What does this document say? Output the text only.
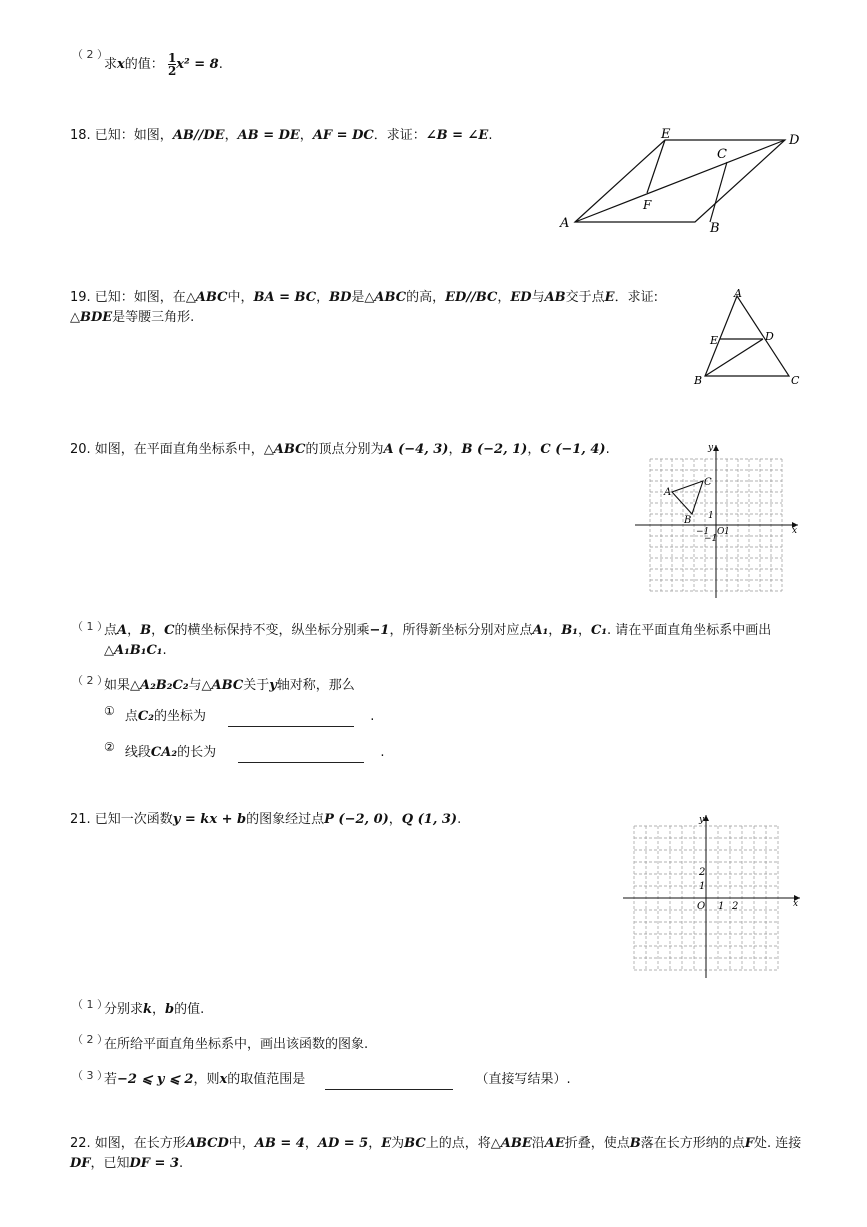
（ 2 ）
求x的值： $\frac{1}{2} x^2 = 8$.
18. 已知：如图，AB//DE，AB = DE，AF = DC．求证：∠B = ∠E.
A	B
C
D
E
F
19. 已知：如图，在△ABC中，BA = BC，BD是△ABC的高，ED//BC，ED与AB交于点E．求证:
△BDE是等腰三角形.
A
B	C
D
E
20. 如图，在平面直角坐标系中，△ABC的顶点分别为A (−4, 3)，B (−2, 1)，C (−1, 4).	y
x
A
B
C
1
−1 O 1
−1
（ 1 ）
点A，B，C的横坐标保持不变，纵坐标分别乘−1，所得新坐标分别对应点A₁，B₁，C₁. 请在平面直角坐标系中画出
△A₁B₁C₁.
（ 2 ）
如果△A₂B₂C₂与△ABC关于y轴对称，那么
① 点C₂的坐标为	.
② 线段CA₂的长为	.
21. 已知一次函数y = kx + b的图象经过点P (−2, 0)，Q (1, 3).	y
x
2
1
O 1 2
（ 1 ）
分别求k，b的值.
（ 2 ）
在所给平面直角坐标系中，画出该函数的图象.
（ 3 ）
若−2 ⩽ y ⩽ 2，则x的取值范围是	（直接写结果）.
22. 如图，在长方形ABCD中，AB = 4，AD = 5，E为BC上的点，将△ABE沿AE折叠，使点B落在长方形纳的点F处. 连接
DF，已知DF = 3.
